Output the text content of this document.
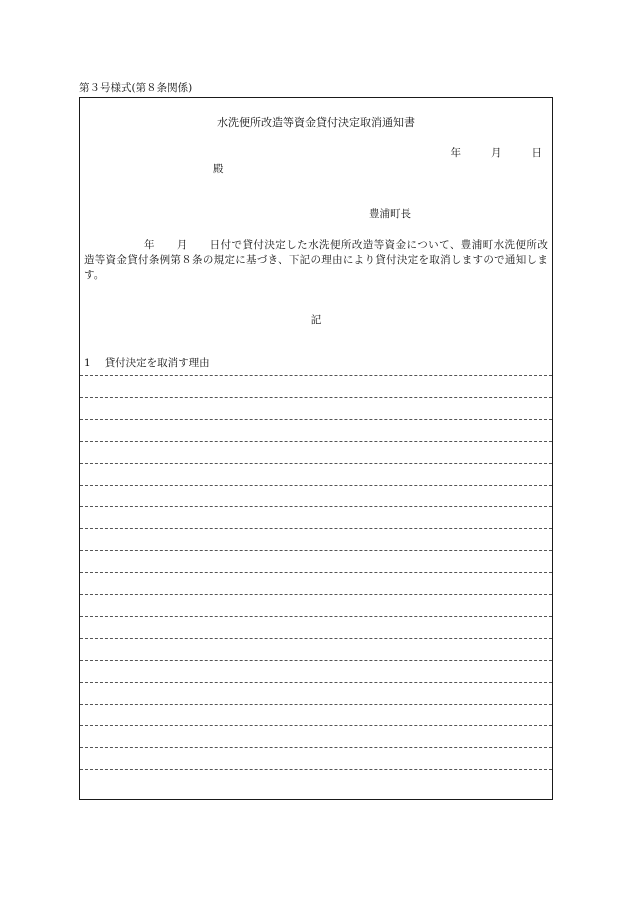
第３号様式(第８条関係)
水洗便所改造等資金貸付決定取消通知書
年	月	日
殿
豊浦町長
年　　月　　日付で貸付決定した水洗便所改造等資金について、豊浦町水洗便所改造等資金貸付条例第８条の規定に基づき、下記の理由により貸付決定を取消しますので通知します。
記
1 貸付決定を取消す理由
